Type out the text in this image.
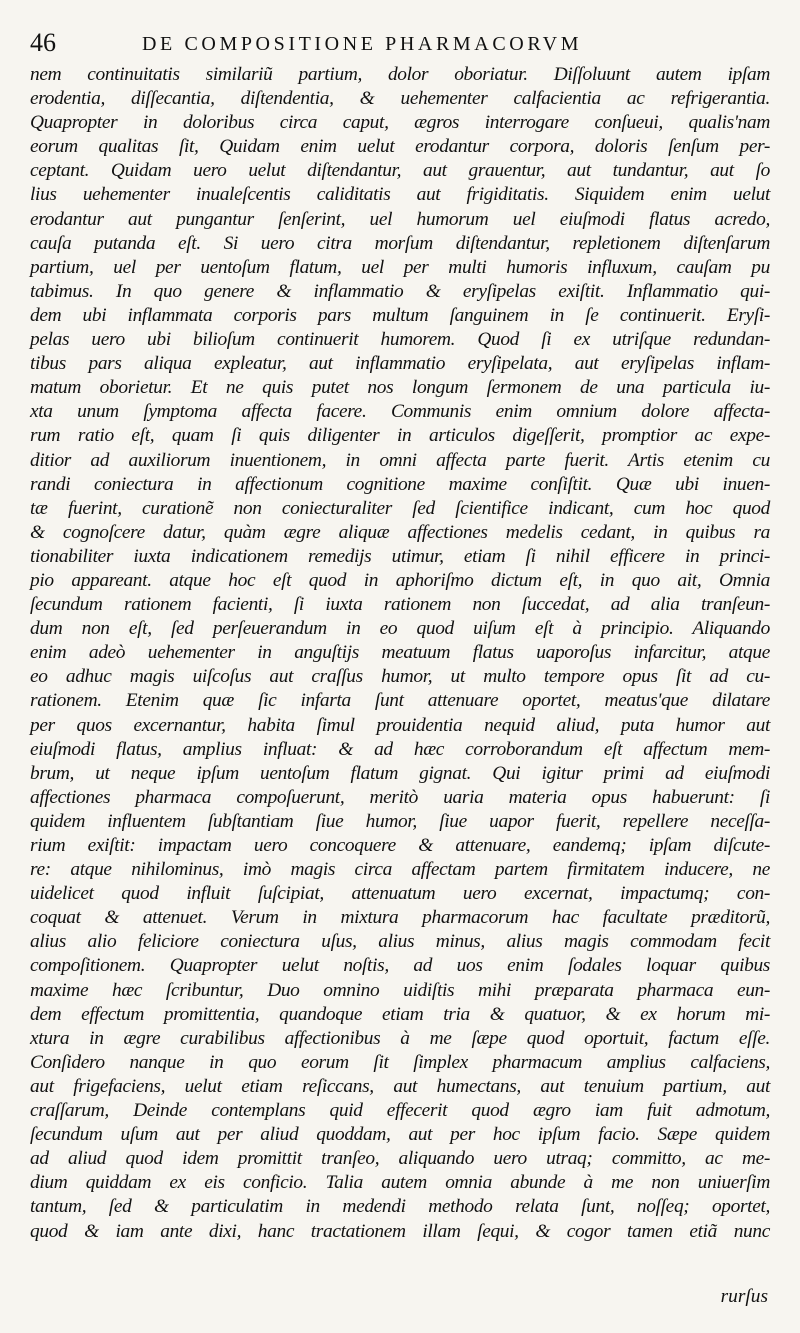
46	DE COMPOSITIONE PHARMACORVM
nem continuitatis similariũ partium, dolor oboriatur. Diſſoluunt autem ipſam
erodentia, diſſecantia, diſtendentia, & uehementer calfacientia ac refrigerantia.
Quapropter in doloribus circa caput, ægros interrogare conſueui, qualis'nam
eorum qualitas ſit, Quidam enim uelut erodantur corpora, doloris ſenſum per-
ceptant. Quidam uero uelut diſtendantur, aut grauentur, aut tundantur, aut ſo
lius uehementer inualeſcentis caliditatis aut frigiditatis. Siquidem enim uelut
erodantur aut pungantur ſenſerint, uel humorum uel eiuſmodi flatus acredo,
cauſa putanda eſt. Si uero citra morſum diſtendantur, repletionem diſtenſarum
partium, uel per uentoſum flatum, uel per multi humoris influxum, cauſam pu
tabimus. In quo genere & inflammatio & eryſipelas exiſtit. Inflammatio qui-
dem ubi inflammata corporis pars multum ſanguinem in ſe continuerit. Eryſi-
pelas uero ubi bilioſum continuerit humorem. Quod ſi ex utriſque redundan-
tibus pars aliqua expleatur, aut inflammatio eryſipelata, aut eryſipelas inflam-
matum oborietur. Et ne quis putet nos longum ſermonem de una particula iu-
xta unum ſymptoma affecta facere. Communis enim omnium dolore affecta-
rum ratio eſt, quam ſi quis diligenter in articulos digeſſerit, promptior ac expe-
ditior ad auxiliorum inuentionem, in omni affecta parte fuerit. Artis etenim cu
randi coniectura in affectionum cognitione maxime conſiſtit. Quæ ubi inuen-
tæ fuerint, curationẽ non coniecturaliter ſed ſcientifice indicant, cum hoc quod
& cognoſcere datur, quàm ægre aliquæ affectiones medelis cedant, in quibus ra
tionabiliter iuxta indicationem remedijs utimur, etiam ſi nihil efficere in princi-
pio appareant. atque hoc eſt quod in aphoriſmo dictum eſt, in quo ait, Omnia
ſecundum rationem facienti, ſi iuxta rationem non ſuccedat, ad alia tranſeun-
dum non eſt, ſed perſeuerandum in eo quod uiſum eſt à principio. Aliquando
enim adeò uehementer in anguſtijs meatuum flatus uaporoſus infarcitur, atque
eo adhuc magis uiſcoſus aut craſſus humor, ut multo tempore opus ſit ad cu-
rationem. Etenim quæ ſic infarta ſunt attenuare oportet, meatus'que dilatare
per quos excernantur, habita ſimul prouidentia nequid aliud, puta humor aut
eiuſmodi flatus, amplius influat: & ad hæc corroborandum eſt affectum mem-
brum, ut neque ipſum uentoſum flatum gignat. Qui igitur primi ad eiuſmodi
affectiones pharmaca compoſuerunt, meritò uaria materia opus habuerunt: ſi
quidem influentem ſubſtantiam ſiue humor, ſiue uapor fuerit, repellere neceſſa-
rium exiſtit: impactam uero concoquere & attenuare, eandemq; ipſam diſcute-
re: atque nihilominus, imò magis circa affectam partem firmitatem inducere, ne
uidelicet quod influit ſuſcipiat, attenuatum uero excernat, impactumq; con-
coquat & attenuet. Verum in mixtura pharmacorum hac facultate præditorũ,
alius alio feliciore coniectura uſus, alius minus, alius magis commodam fecit
compoſitionem. Quapropter uelut noſtis, ad uos enim ſodales loquar quibus
maxime hæc ſcribuntur, Duo omnino uidiſtis mihi præparata pharmaca eun-
dem effectum promittentia, quandoque etiam tria & quatuor, & ex horum mi-
xtura in ægre curabilibus affectionibus à me ſæpe quod oportuit, factum eſſe.
Conſidero nanque in quo eorum ſit ſimplex pharmacum amplius calfaciens,
aut frigefaciens, uelut etiam reſiccans, aut humectans, aut tenuium partium, aut
craſſarum, Deinde contemplans quid effecerit quod ægro iam fuit admotum,
ſecundum uſum aut per aliud quoddam, aut per hoc ipſum facio. Sæpe quidem
ad aliud quod idem promittit tranſeo, aliquando uero utraq; committo, ac me-
dium quiddam ex eis conficio. Talia autem omnia abunde à me non uniuerſim
tantum, ſed & particulatim in medendi methodo relata ſunt, noſſeq; oportet,
quod & iam ante dixi, hanc tractationem illam ſequi, & cogor tamen etiã nunc
rurſus
